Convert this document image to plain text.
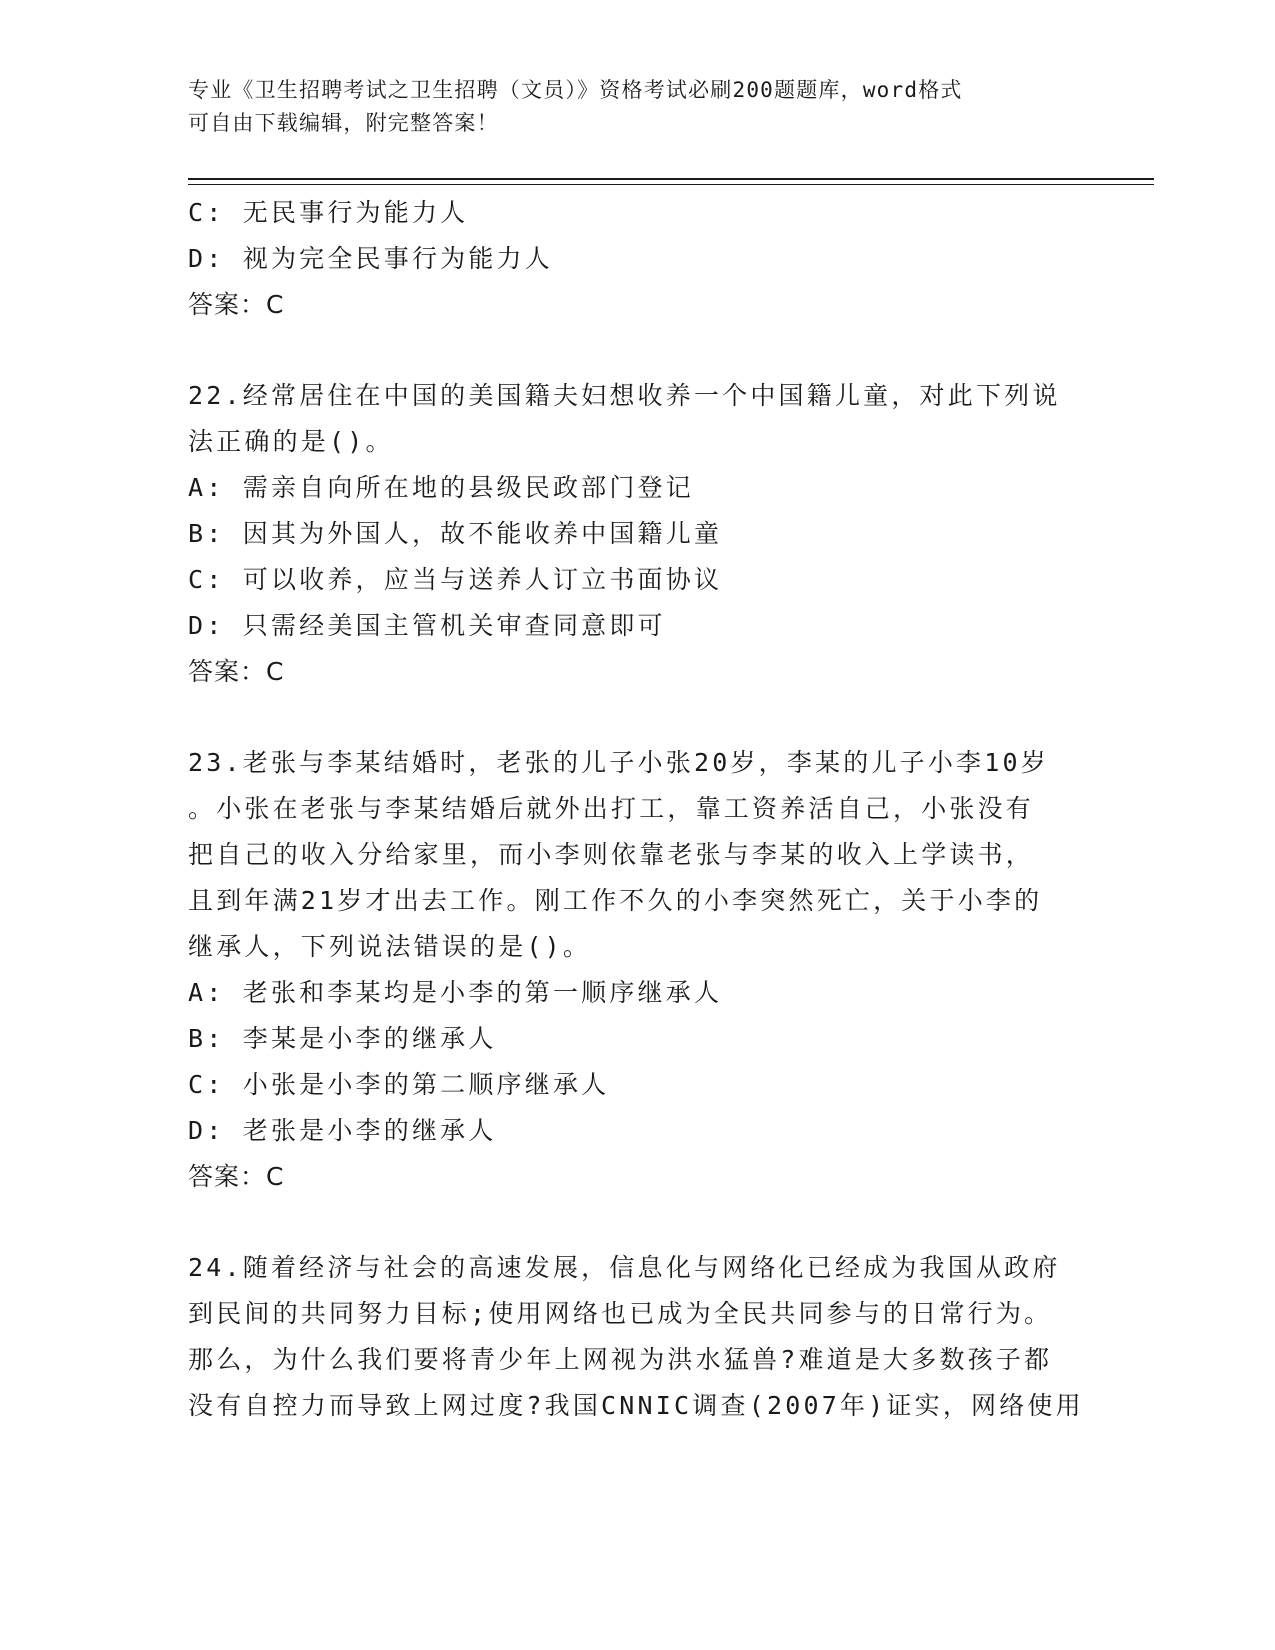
专业《卫生招聘考试之卫生招聘（文员）》资格考试必刷200题题库，word格式
可自由下载编辑，附完整答案！
C: 无民事行为能力人
D: 视为完全民事行为能力人
答案：C
22.经常居住在中国的美国籍夫妇想收养一个中国籍儿童，对此下列说
法正确的是()。
A: 需亲自向所在地的县级民政部门登记
B: 因其为外国人，故不能收养中国籍儿童
C: 可以收养，应当与送养人订立书面协议
D: 只需经美国主管机关审查同意即可
答案：C
23.老张与李某结婚时，老张的儿子小张20岁，李某的儿子小李10岁
。小张在老张与李某结婚后就外出打工，靠工资养活自己，小张没有
把自己的收入分给家里，而小李则依靠老张与李某的收入上学读书，
且到年满21岁才出去工作。刚工作不久的小李突然死亡，关于小李的
继承人，下列说法错误的是()。
A: 老张和李某均是小李的第一顺序继承人
B: 李某是小李的继承人
C: 小张是小李的第二顺序继承人
D: 老张是小李的继承人
答案：C
24.随着经济与社会的高速发展，信息化与网络化已经成为我国从政府
到民间的共同努力目标;使用网络也已成为全民共同参与的日常行为。
那么，为什么我们要将青少年上网视为洪水猛兽?难道是大多数孩子都
没有自控力而导致上网过度?我国CNNIC调查(2007年)证实，网络使用
